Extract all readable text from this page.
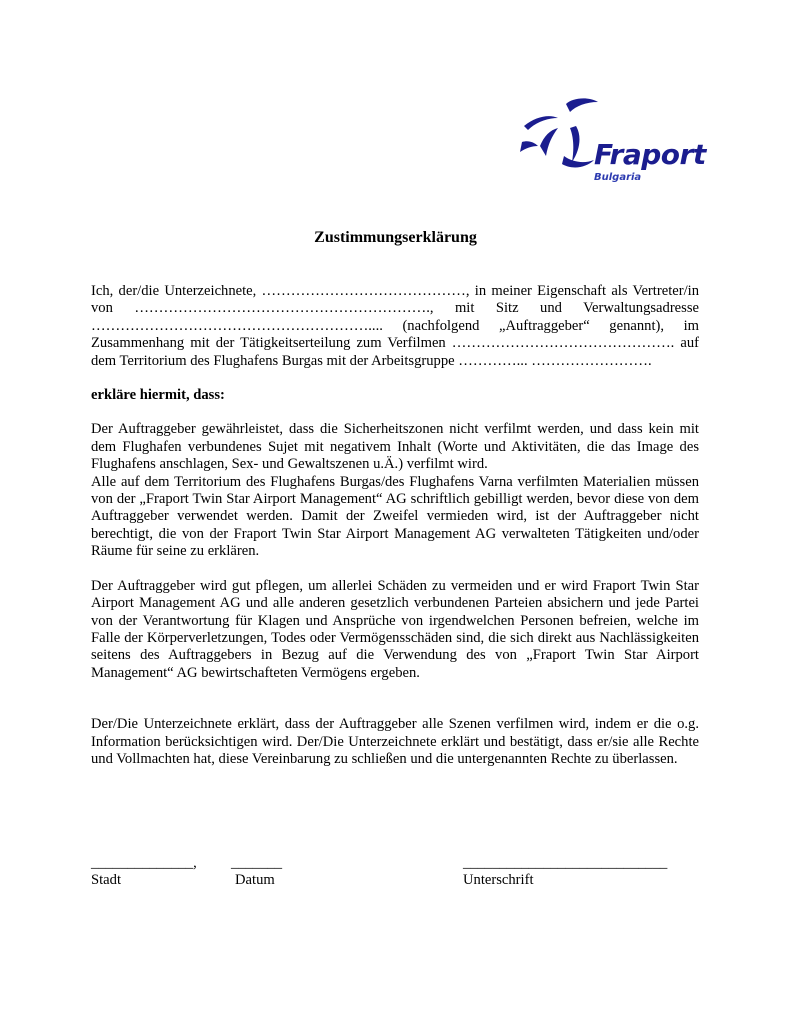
Fraport
Bulgaria
Zustimmungserklärung

Ich, der/die Unterzeichnete, ……………………………………, in meiner Eigenschaft als Vertreter/in von ……………………………………………………., mit Sitz und Verwaltungsadresse ………………………………………………….... (nachfolgend „Auftraggeber“ genannt), im Zusammenhang mit der Tätigkeitserteilung zum Verfilmen ………………………………………. auf dem Territorium des Flughafens Burgas mit der Arbeitsgruppe …………... …………………….

erkläre hiermit, dass:

Der Auftraggeber gewährleistet, dass die Sicherheitszonen nicht verfilmt werden, und dass kein mit dem Flughafen verbundenes Sujet mit negativem Inhalt (Worte und Aktivitäten, die das Image des Flughafens anschlagen, Sex- und Gewaltszenen u.Ä.) verfilmt wird.

Alle auf dem Territorium des Flughafens Burgas/des Flughafens Varna verfilmten Materialien müssen von der „Fraport Twin Star Airport Management“ AG schriftlich gebilligt werden, bevor diese von dem Auftraggeber verwendet werden. Damit der Zweifel vermieden wird, ist der Auftraggeber nicht berechtigt, die von der Fraport Twin Star Airport Management AG verwalteten Tätigkeiten und/oder Räume für seine zu erklären.

Der Auftraggeber wird gut pflegen, um allerlei Schäden zu vermeiden und er wird Fraport Twin Star Airport Management AG und alle anderen gesetzlich verbundenen Parteien absichern und jede Partei von der Verantwortung für Klagen und Ansprüche von irgendwelchen Personen befreien, welche im Falle der Körperverletzungen, Todes oder Vermögensschäden sind, die sich direkt aus Nachlässigkeiten seitens des Auftraggebers in Bezug auf die Verwendung des von „Fraport Twin Star Airport Management“ AG bewirtschafteten Vermögens ergeben.

Der/Die Unterzeichnete erklärt, dass der Auftraggeber alle Szenen verfilmen wird, indem er die o.g. Information berücksichtigen wird. Der/Die Unterzeichnete erklärt und bestätigt, dass er/sie alle Rechte und Vollmachten hat, diese Vereinbarung zu schließen und die untergenannten Rechte zu überlassen.

______________, _______	____________________________
Stadt	Datum	Unterschrift
